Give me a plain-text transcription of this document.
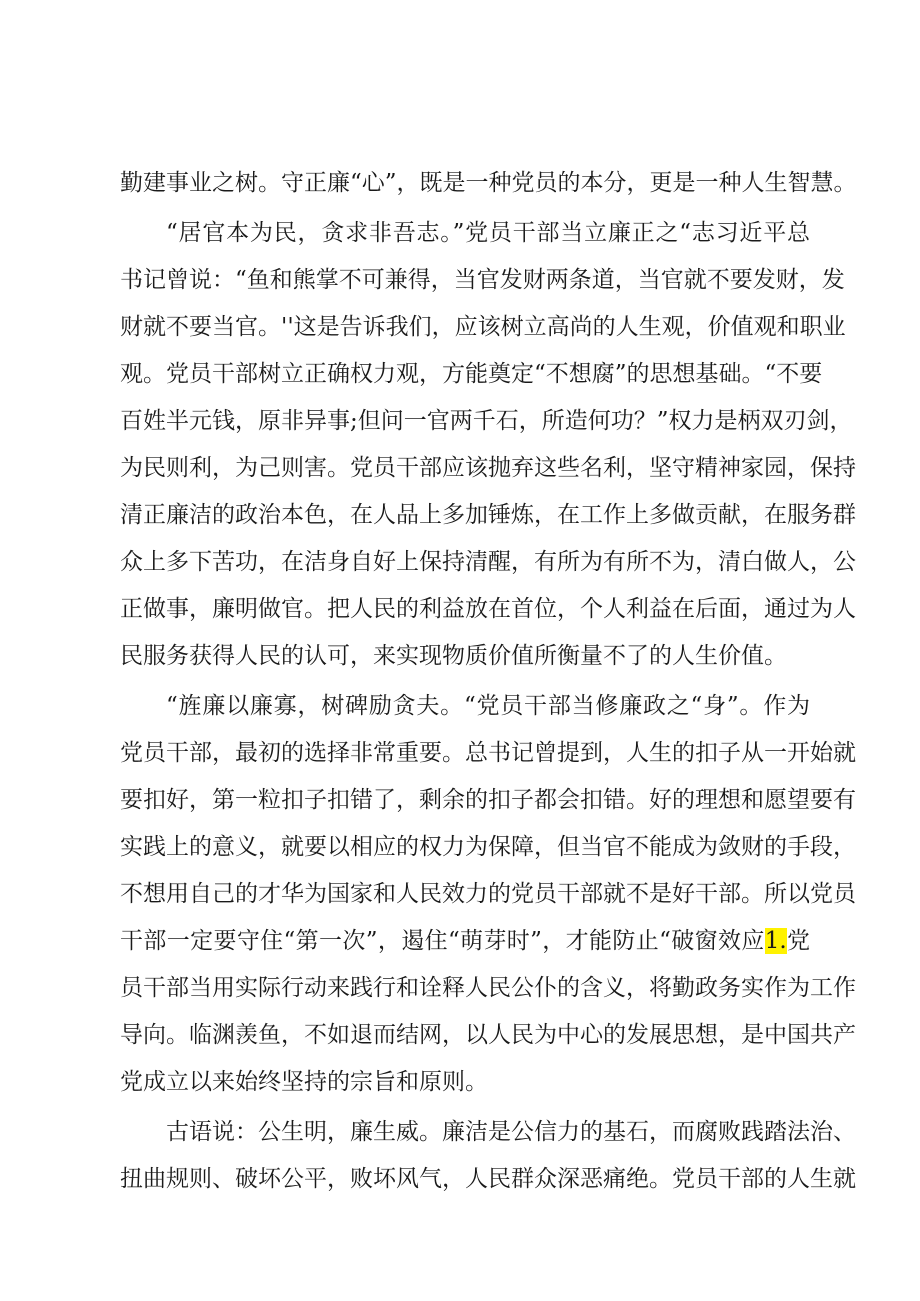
勤建事业之树。守正廉“心”，既是一种党员的本分，更是一种人生智慧。
“居官本为民，贪求非吾志。”党员干部当立廉正之“志习近平总
书记曾说：“鱼和熊掌不可兼得，当官发财两条道，当官就不要发财，发
财就不要当官。''这是告诉我们，应该树立高尚的人生观，价值观和职业
观。党员干部树立正确权力观，方能奠定“不想腐”的思想基础。“不要
百姓半元钱，原非异事;但问一官两千石，所造何功？”权力是柄双刃剑，
为民则利，为己则害。党员干部应该抛弃这些名利，坚守精神家园，保持
清正廉洁的政治本色，在人品上多加锤炼，在工作上多做贡献，在服务群
众上多下苦功，在洁身自好上保持清醒，有所为有所不为，清白做人，公
正做事，廉明做官。把人民的利益放在首位，个人利益在后面，通过为人
民服务获得人民的认可，来实现物质价值所衡量不了的人生价值。
“旌廉以廉寡，树碑励贪夫。“党员干部当修廉政之“身”。作为
党员干部，最初的选择非常重要。总书记曾提到，人生的扣子从一开始就
要扣好，第一粒扣子扣错了，剩余的扣子都会扣错。好的理想和愿望要有
实践上的意义，就要以相应的权力为保障，但当官不能成为敛财的手段，
不想用自己的才华为国家和人民效力的党员干部就不是好干部。所以党员
干部一定要守住“第一次”，遏住“萌芽时”，才能防止“破窗效应1.党
员干部当用实际行动来践行和诠释人民公仆的含义，将勤政务实作为工作
导向。临渊羡鱼，不如退而结网，以人民为中心的发展思想，是中国共产
党成立以来始终坚持的宗旨和原则。
古语说：公生明，廉生威。廉洁是公信力的基石，而腐败践踏法治、
扭曲规则、破坏公平，败坏风气，人民群众深恶痛绝。党员干部的人生就
